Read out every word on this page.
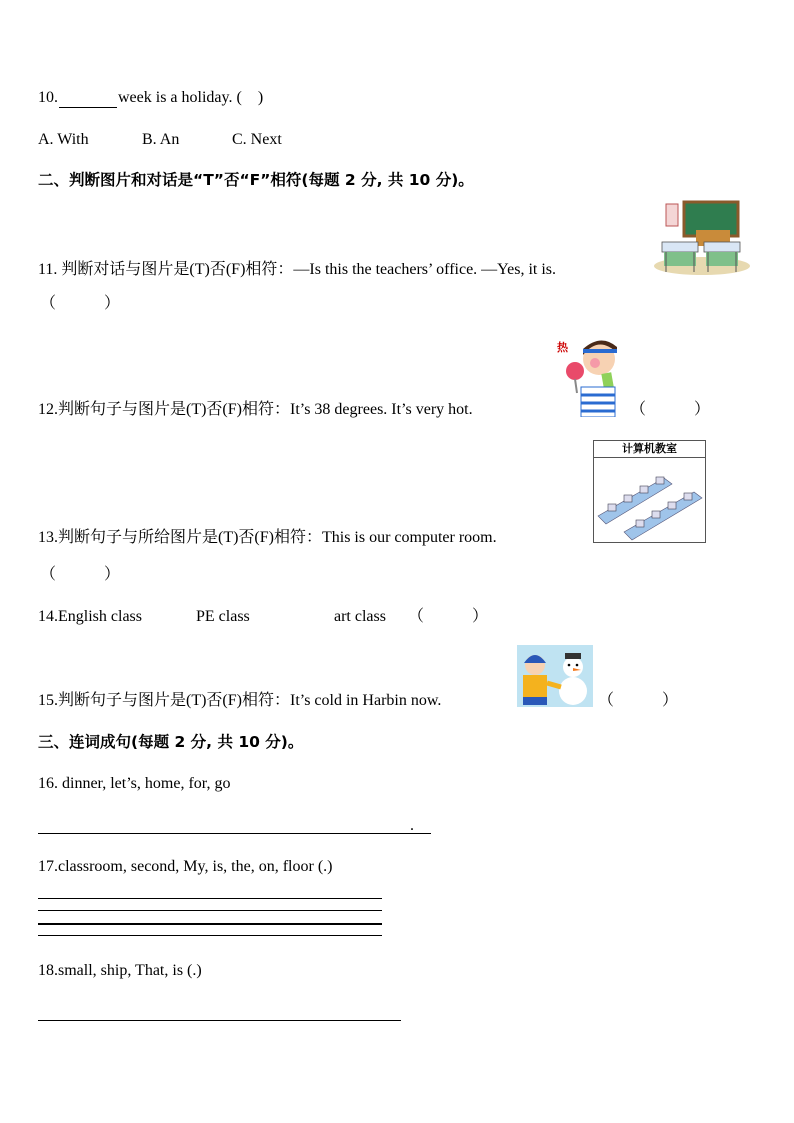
10.	week is a holiday. ( )
A. With	B. An	C. Next
二、判断图片和对话是“T”否“F”相符(每题 2 分, 共 10 分)。
11. 判断对话与图片是(T)否(F)相符：—Is this the teachers’ office. —Yes, it is.
（　　　）
热
12.判断句子与图片是(T)否(F)相符：It’s 38 degrees. It’s very hot.	（　　　）
计算机教室
13.判断句子与所给图片是(T)否(F)相符：This is our computer room.
（　　　）
14.English class	PE class	art class （　　　）
15.判断句子与图片是(T)否(F)相符：It’s cold in Harbin now.	（　　　）
三、连词成句(每题 2 分, 共 10 分)。
16. dinner, let’s, home, for, go
.
17.classroom, second, My, is, the, on, floor (.)
18.small, ship, That, is (.)
